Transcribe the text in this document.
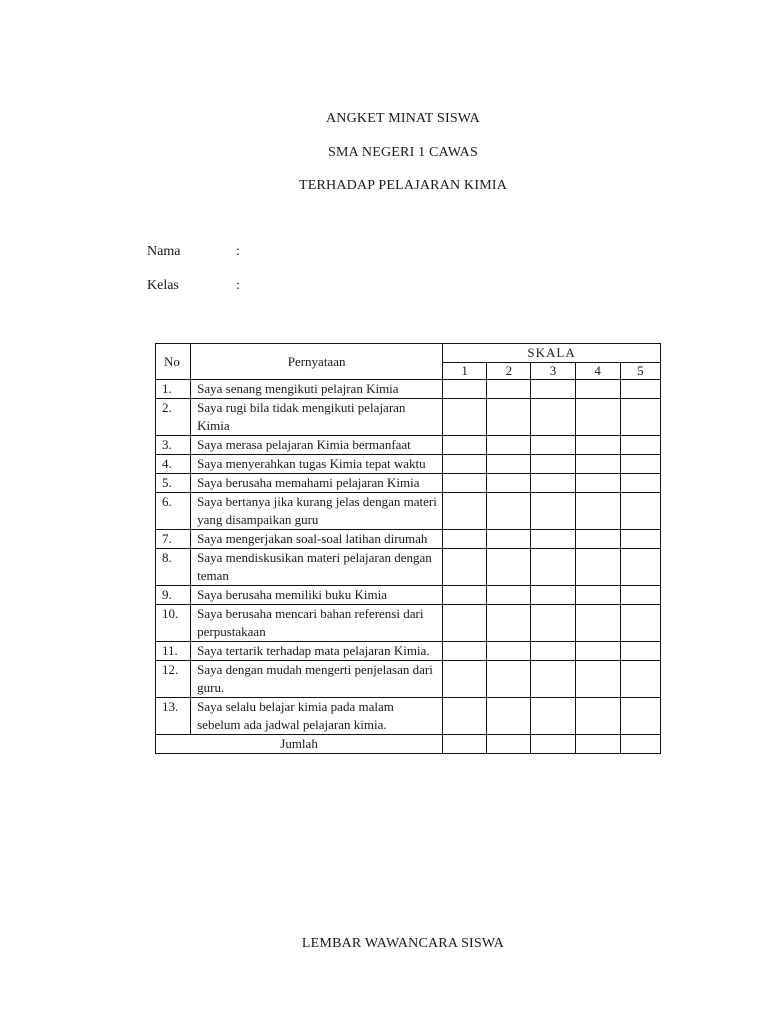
ANGKET MINAT SISWA
SMA NEGERI 1 CAWAS
TERHADAP PELAJARAN KIMIA
Nama	:
Kelas	:
No	Pernyataan	SKALA				
		1	2	3	4	5
1.	Saya senang mengikuti pelajran Kimia					
2.	Saya rugi bila tidak mengikuti pelajaran Kimia					
3.	Saya merasa pelajaran Kimia bermanfaat					
4.	Saya menyerahkan tugas Kimia tepat waktu					
5.	Saya berusaha memahami pelajaran Kimia					
6.	Saya bertanya jika kurang jelas dengan materi yang disampaikan guru					
7.	Saya mengerjakan soal-soal latihan dirumah					
8.	Saya mendiskusikan materi pelajaran dengan teman					
9.	Saya berusaha memiliki buku Kimia					
10.	Saya berusaha mencari bahan referensi dari perpustakaan					
11.	Saya tertarik terhadap mata pelajaran Kimia.					
12.	Saya dengan mudah mengerti penjelasan dari guru.					
13.	Saya selalu belajar kimia pada malam sebelum ada jadwal pelajaran kimia.					
Jumlah						
LEMBAR WAWANCARA SISWA
